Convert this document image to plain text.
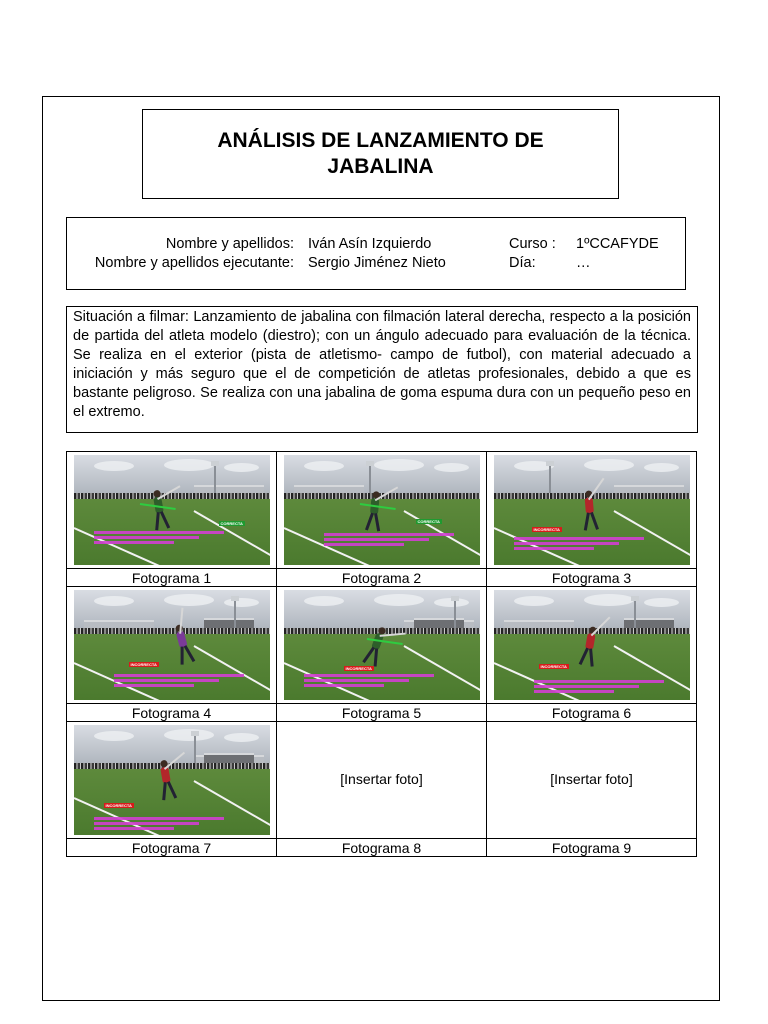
ANÁLISIS DE LANZAMIENTO DE JABALINA
Nombre y apellidos: Iván Asín Izquierdo	Curso : 1ºCCAFYDE
Nombre y apellidos ejecutante: Sergio Jiménez Nieto	Día:	…
Situación a filmar: Lanzamiento de jabalina con filmación lateral derecha, respecto a la posición de partida del atleta modelo (diestro); con un ángulo adecuado para evaluación de la técnica. Se realiza en el exterior (pista de atletismo- campo de futbol), con material adecuado a iniciación y más seguro que el de competición de atletas profesionales, debido a que es bastante peligroso. Se realiza con una jabalina de goma espuma dura con un pequeño peso en el extremo.
CORRECTA	CORRECTA	INCORRECTA

Fotograma 1	Fotograma 2	Fotograma 3

INCORRECTA	INCORRECTA	INCORRECTA

Fotograma 4	Fotograma 5	Fotograma 6

INCORRECTA	[Insertar foto]	[Insertar foto]
Fotograma 7	Fotograma 8	Fotograma 9
